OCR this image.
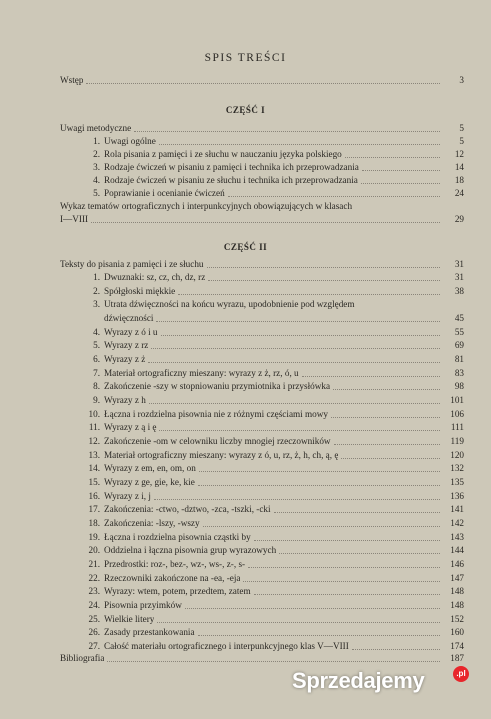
SPIS TREŚCI
Wstęp	3
CZĘŚĆ I
Uwagi metodyczne	5
1. Uwagi ogólne	5
2. Rola pisania z pamięci i ze słuchu w nauczaniu języka polskiego	12
3. Rodzaje ćwiczeń w pisaniu z pamięci i technika ich przeprowadzania	14
4. Rodzaje ćwiczeń w pisaniu ze słuchu i technika ich przeprowadzania	18
5. Poprawianie i ocenianie ćwiczeń	24
Wykaz tematów ortograficznych i interpunkcyjnych obowiązujących w klasach
I—VIII	29
CZĘŚĆ II
Teksty do pisania z pamięci i ze słuchu	31
1. Dwuznaki: sz, cz, ch, dz, rz	31
2. Spółgłoski miękkie	38
3. Utrata dźwięczności na końcu wyrazu, upodobnienie pod względem
dźwięczności	45
4. Wyrazy z ó i u	55
5. Wyrazy z rz	69
6. Wyrazy z ż	81
7. Materiał ortograficzny mieszany: wyrazy z ż, rz, ó, u	83
8. Zakończenie -szy w stopniowaniu przymiotnika i przysłówka	98
9. Wyrazy z h	101
10. Łączna i rozdzielna pisownia nie z różnymi częściami mowy	106
11. Wyrazy z ą i ę	111
12. Zakończenie -om w celowniku liczby mnogiej rzeczowników	119
13. Materiał ortograficzny mieszany: wyrazy z ó, u, rz, ż, h, ch, ą, ę	120
14. Wyrazy z em, en, om, on	132
15. Wyrazy z ge, gie, ke, kie	135
16. Wyrazy z i, j	136
17. Zakończenia: -ctwo, -dztwo, -zca, -tszki, -cki	141
18. Zakończenia: -lszy, -wszy	142
19. Łączna i rozdzielna pisownia cząstki by	143
20. Oddzielna i łączna pisownia grup wyrazowych	144
21. Przedrostki: roz-, bez-, wz-, ws-, z-, s-	146
22. Rzeczowniki zakończone na -ea, -eja	147
23. Wyrazy: wtem, potem, przedtem, zatem	148
24. Pisownia przyimków	148
25. Wielkie litery	152
26. Zasady przestankowania	160
27. Całość materiału ortograficznego i interpunkcyjnego klas V—VIII	174
Bibliografia	187
Sprzedajemy	.pl
